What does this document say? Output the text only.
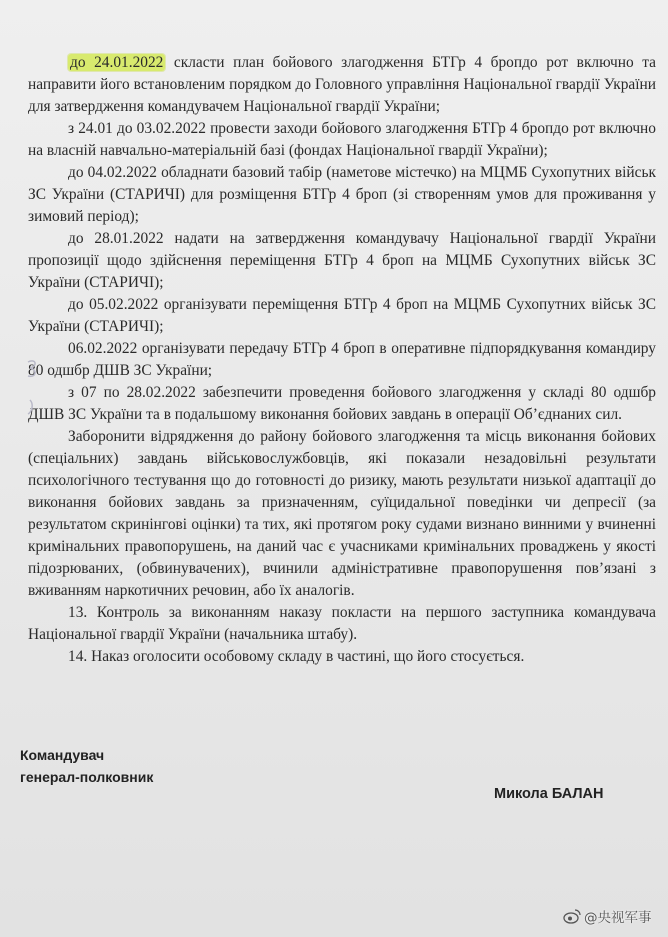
до 24.01.2022 скласти план бойового злагодження БТГр 4 бропдо рот включно та направити його встановленим порядком до Головного управління Національної гвардії України для затвердження командувачем Національної гвардії України;

з 24.01 до 03.02.2022 провести заходи бойового злагодження БТГр 4 бропдо рот включно на власній навчально-матеріальній базі (фондах Національної гвардії України);

до 04.02.2022 обладнати базовий табір (наметове містечко) на МЦМБ Сухопутних військ ЗС України (СТАРИЧІ) для розміщення БТГр 4 броп (зі створенням умов для проживання у зимовий період);

до 28.01.2022 надати на затвердження командувачу Національної гвардії України пропозиції щодо здійснення переміщення БТГр 4 броп на МЦМБ Сухопутних військ ЗС України (СТАРИЧІ);

до 05.02.2022 організувати переміщення БТГр 4 броп на МЦМБ Сухопутних військ ЗС України (СТАРИЧІ);

06.02.2022 організувати передачу БТГр 4 броп в оперативне підпорядкування командиру 80 одшбр ДШВ ЗС України;

з 07 по 28.02.2022 забезпечити проведення бойового злагодження у складі 80 одшбр ДШВ ЗС України та в подальшому виконання бойових завдань в операції Об’єднаних сил.

Заборонити відрядження до району бойового злагодження та місць виконання бойових (спеціальних) завдань військовослужбовців, які показали незадовільні результати психологічного тестування що до готовності до ризику, мають результати низької адаптації до виконання бойових завдань за призначенням, суїцидальної поведінки чи депресії (за результатом скринінгові оцінки) та тих, які протягом року судами визнано винними у вчиненні кримінальних правопорушень, на даний час є учасниками кримінальних проваджень у якості підозрюваних, (обвинувачених), вчинили адміністративне правопорушення пов’язані з вживанням наркотичних речовин, або їх аналогів.

13. Контроль за виконанням наказу покласти на першого заступника командувача Національної гвардії України (начальника штабу).

14. Наказ оголосити особовому складу в частині, що його стосується.

Командувач
генерал-полковник
Микола БАЛАН
@央视军事
